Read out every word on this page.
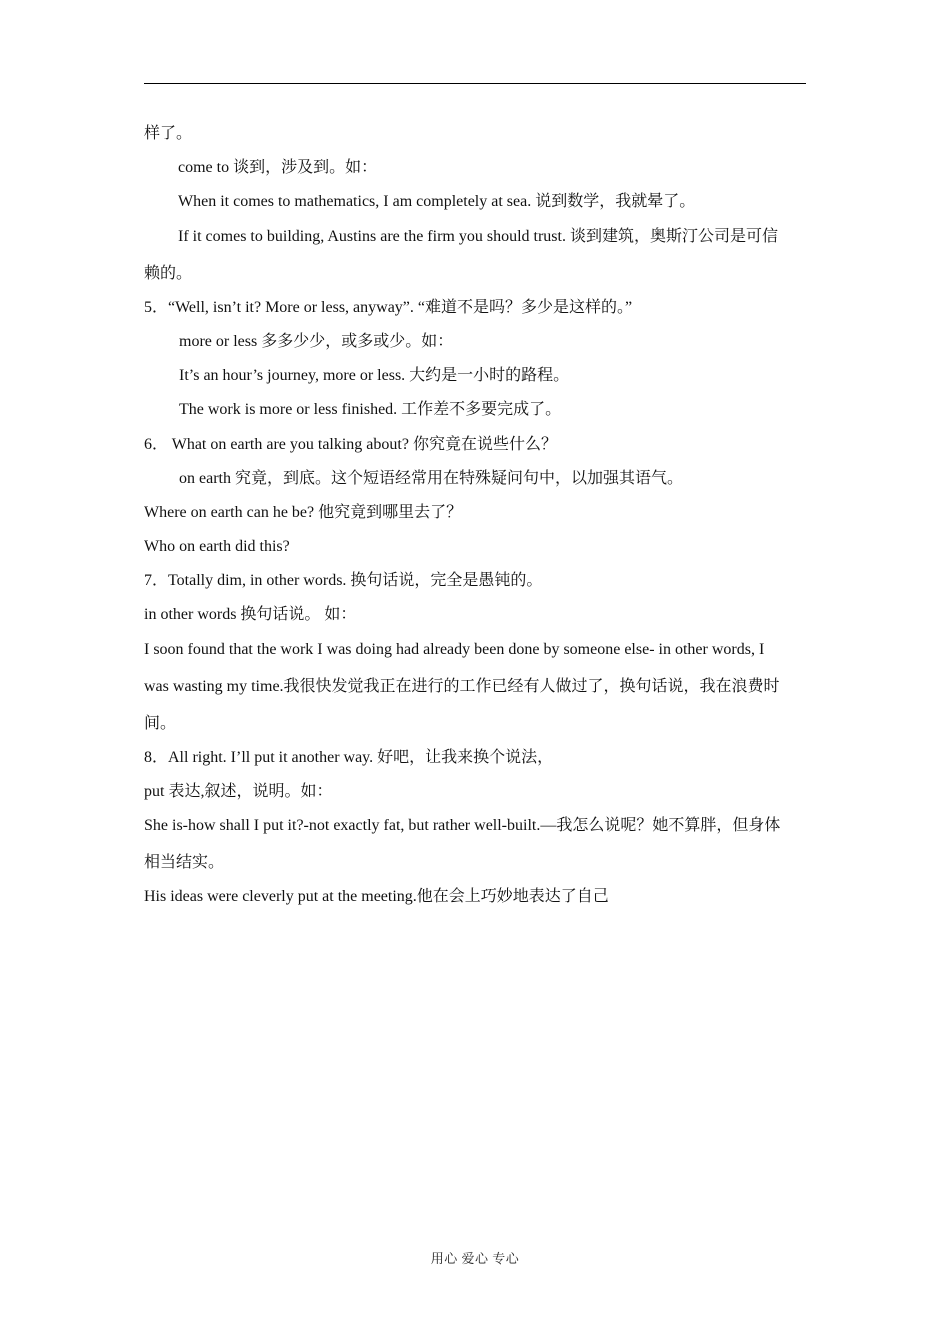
样了。
come to 谈到，涉及到。如：
When it comes to mathematics, I am completely at sea. 说到数学，我就晕了。
If it comes to building, Austins are the firm you should trust. 谈到建筑，奥斯汀公司是可信
赖的。
5．“Well, isn’t it? More or less, anyway”. “难道不是吗？多少是这样的。”
more or less 多多少少，或多或少。如：
It’s an hour’s journey, more or less. 大约是一小时的路程。
The work is more or less finished. 工作差不多要完成了。
6． What on earth are you talking about? 你究竟在说些什么？
on earth 究竟，到底。这个短语经常用在特殊疑问句中，以加强其语气。
Where on earth can he be? 他究竟到哪里去了？
Who on earth did this?
7．Totally dim, in other words. 换句话说，完全是愚钝的。
in other words 换句话说。 如：
I soon found that the work I was doing had already been done by someone else- in other words, I
was wasting my time.我很快发觉我正在进行的工作已经有人做过了，换句话说，我在浪费时
间。
8．All right. I’ll put it another way. 好吧，让我来换个说法，
put 表达,叙述，说明。如：
She is-how shall I put it?-not exactly fat, but rather well-built.—我怎么说呢？她不算胖，但身体
相当结实。
His ideas were cleverly put at the meeting.他在会上巧妙地表达了自己
用心 爱心 专心
